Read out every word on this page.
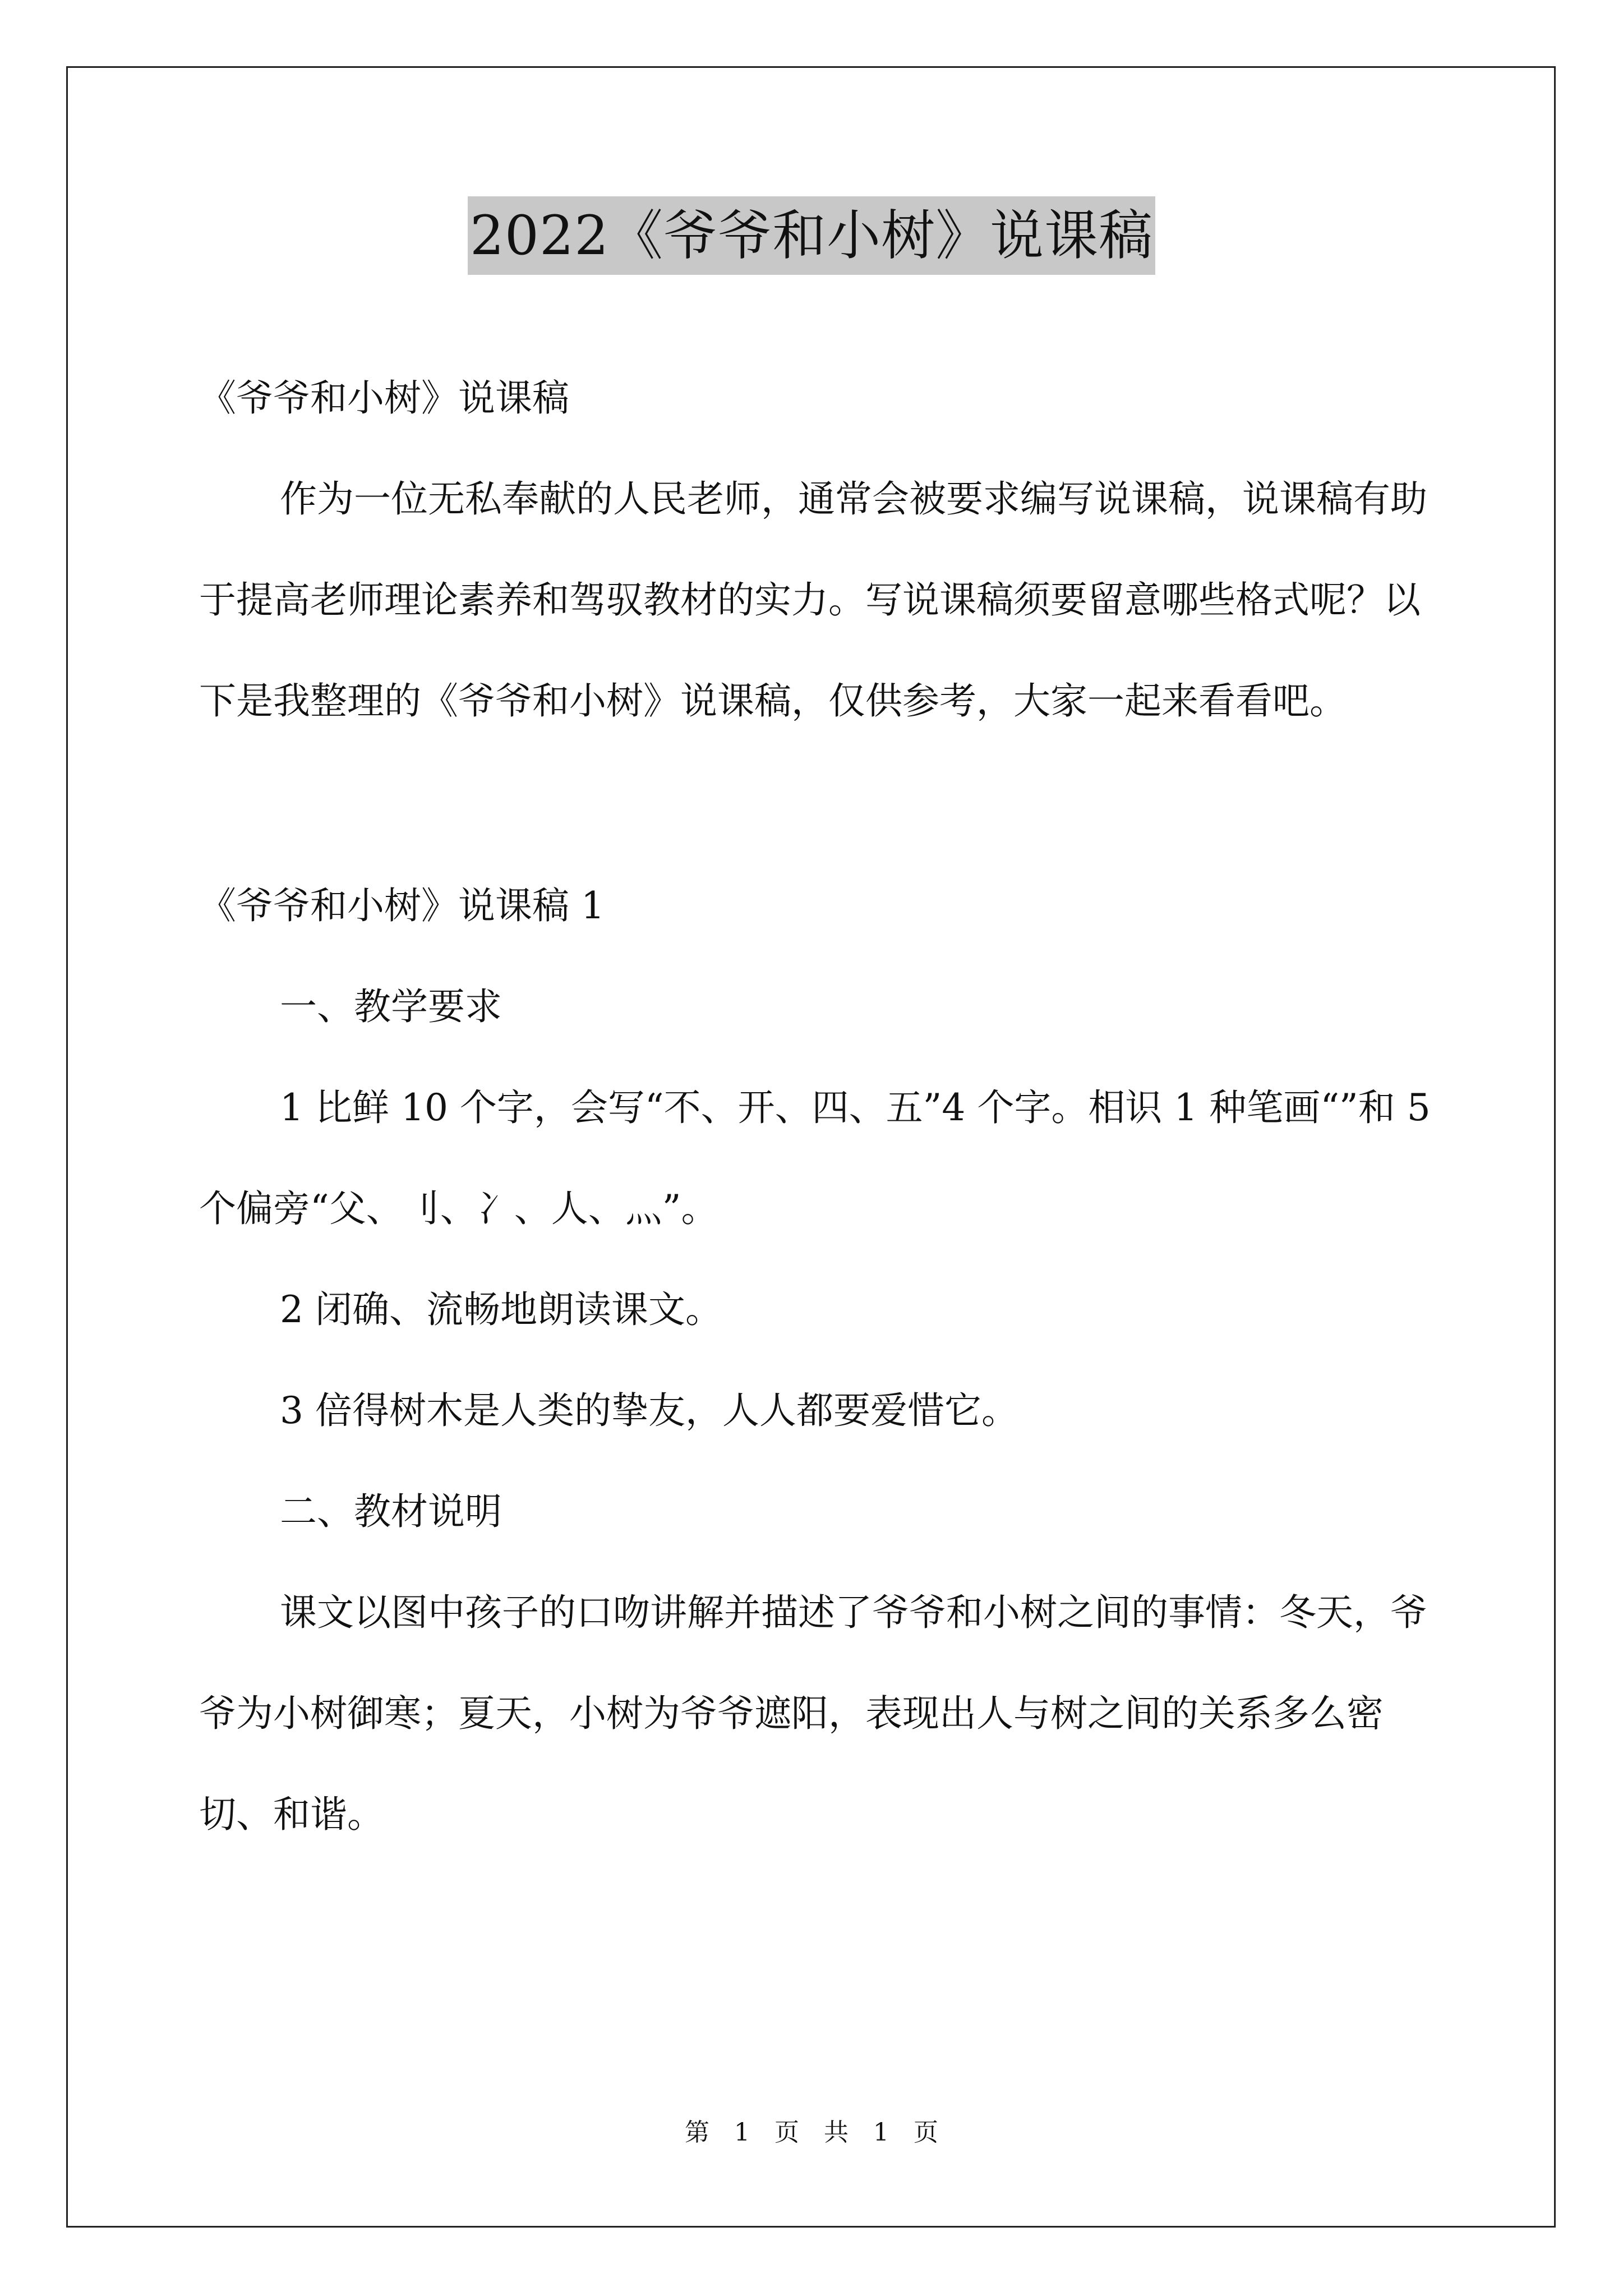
2022《爷爷和小树》说课稿

《爷爷和小树》说课稿

作为一位无私奉献的人民老师，通常会被要求编写说课稿，说课稿有助于提高老师理论素养和驾驭教材的实力。写说课稿须要留意哪些格式呢？以下是我整理的《爷爷和小树》说课稿，仅供参考，大家一起来看看吧。

《爷爷和小树》说课稿 1

一、教学要求

1 比鲜 10 个字，会写“不、开、四、五”4 个字。相识 1 种笔画“”和 5 个偏旁“父、刂、冫、人、灬”。

2 闭确、流畅地朗读课文。

3 倍得树木是人类的挚友，人人都要爱惜它。

二、教材说明

课文以图中孩子的口吻讲解并描述了爷爷和小树之间的事情：冬天，爷爷为小树御寒；夏天，小树为爷爷遮阳，表现出人与树之间的关系多么密切、和谐。

第 1 页 共 1 页
